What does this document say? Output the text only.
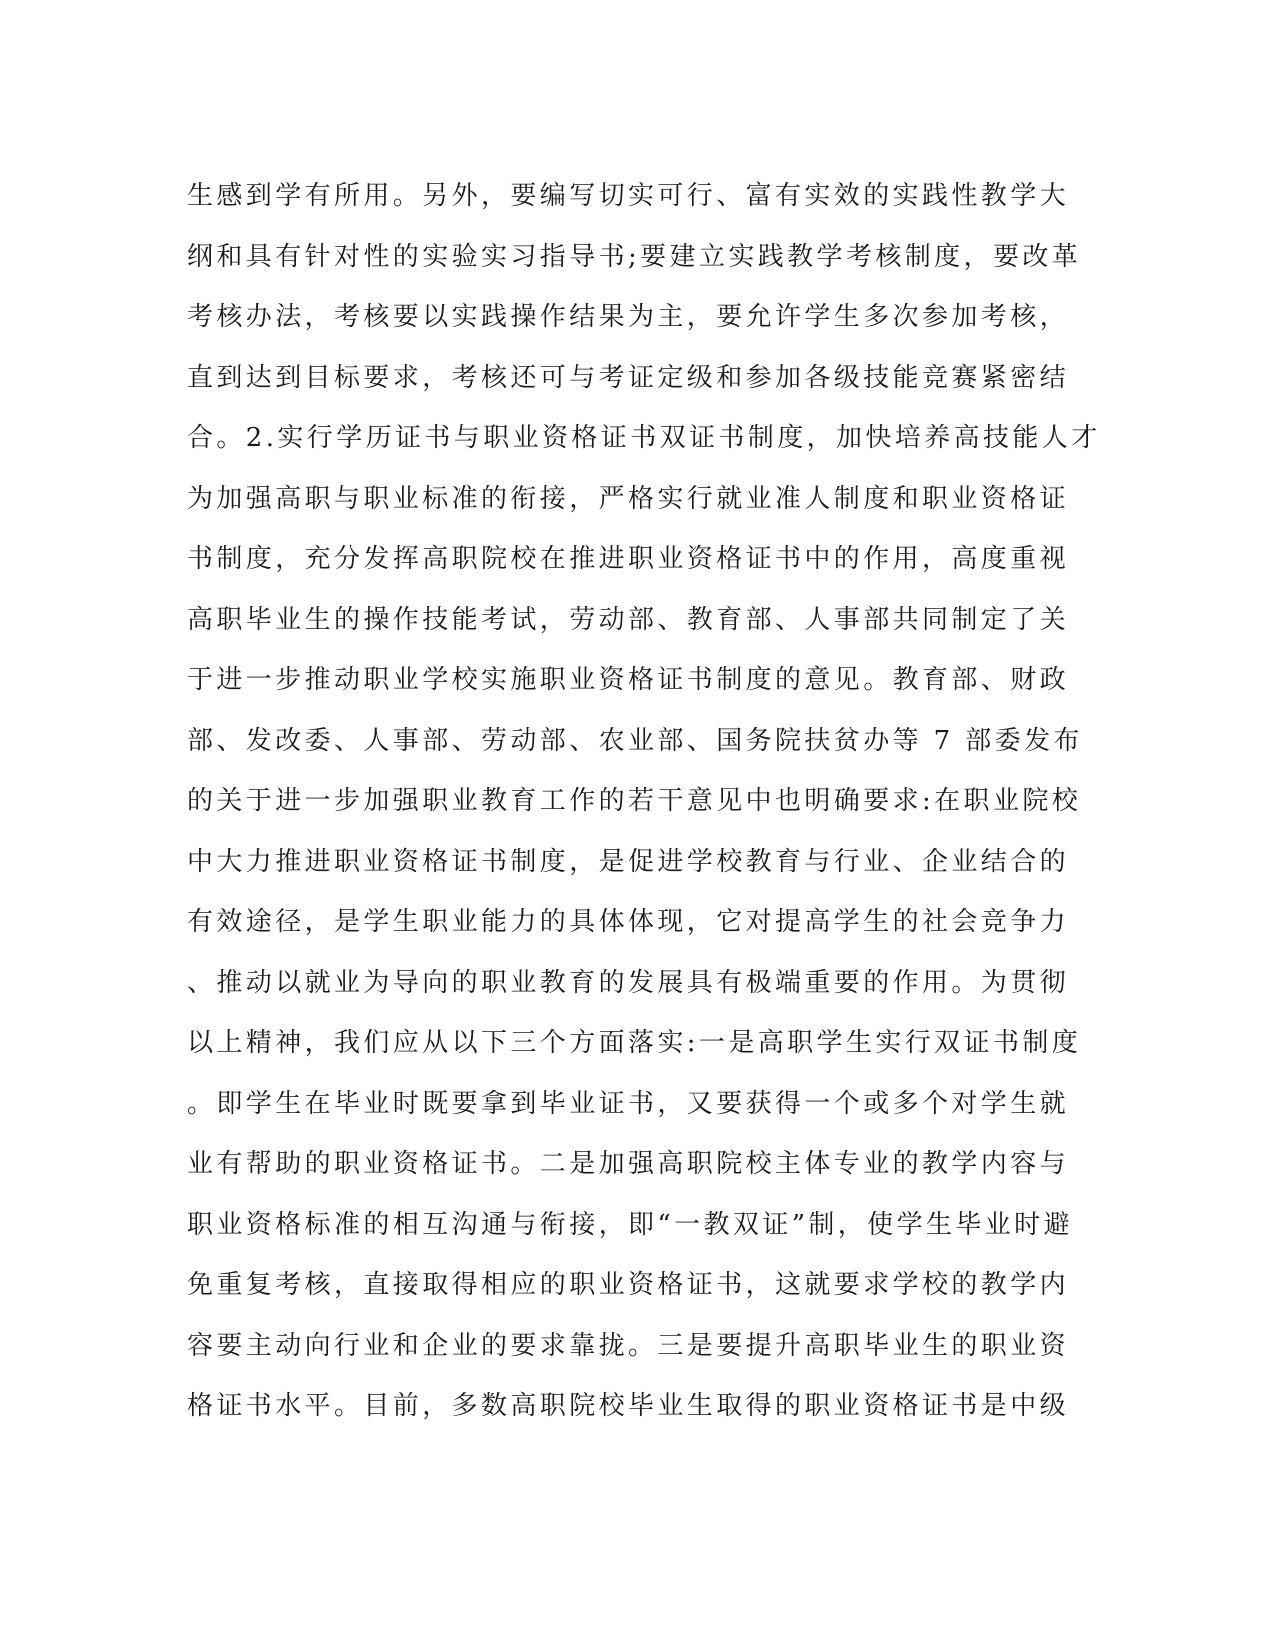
生感到学有所用。另外，要编写切实可行、富有实效的实践性教学大
纲和具有针对性的实验实习指导书;要建立实践教学考核制度，要改革
考核办法，考核要以实践操作结果为主，要允许学生多次参加考核，
直到达到目标要求，考核还可与考证定级和参加各级技能竞赛紧密结
合。2.实行学历证书与职业资格证书双证书制度，加快培养高技能人才
为加强高职与职业标准的衔接，严格实行就业准人制度和职业资格证
书制度，充分发挥高职院校在推进职业资格证书中的作用，高度重视
高职毕业生的操作技能考试，劳动部、教育部、人事部共同制定了关
于进一步推动职业学校实施职业资格证书制度的意见。教育部、财政
部、发改委、人事部、劳动部、农业部、国务院扶贫办等 7 部委发布
的关于进一步加强职业教育工作的若干意见中也明确要求:在职业院校
中大力推进职业资格证书制度，是促进学校教育与行业、企业结合的
有效途径，是学生职业能力的具体体现，它对提高学生的社会竞争力
、推动以就业为导向的职业教育的发展具有极端重要的作用。为贯彻
以上精神，我们应从以下三个方面落实:一是高职学生实行双证书制度
。即学生在毕业时既要拿到毕业证书，又要获得一个或多个对学生就
业有帮助的职业资格证书。二是加强高职院校主体专业的教学内容与
职业资格标准的相互沟通与衔接，即“一教双证”制，使学生毕业时避
免重复考核，直接取得相应的职业资格证书，这就要求学校的教学内
容要主动向行业和企业的要求靠拢。三是要提升高职毕业生的职业资
格证书水平。目前，多数高职院校毕业生取得的职业资格证书是中级
